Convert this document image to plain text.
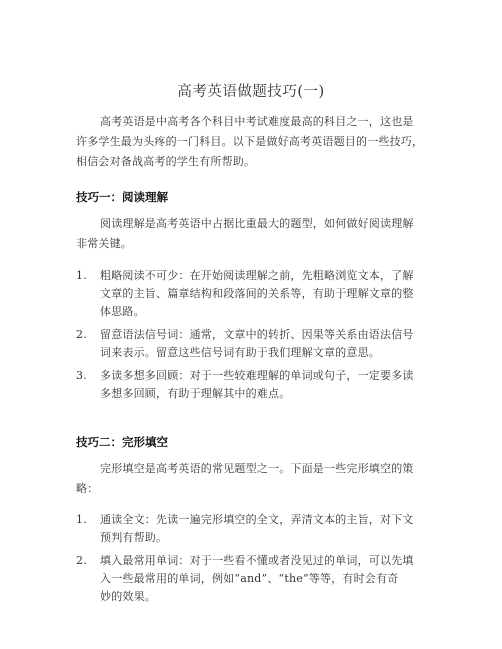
高考英语做题技巧(一)
高考英语是中高考各个科目中考试难度最高的科目之一，这也是
许多学生最为头疼的一门科目。以下是做好高考英语题目的一些技巧，
相信会对备战高考的学生有所帮助。
技巧一：阅读理解
阅读理解是高考英语中占据比重最大的题型，如何做好阅读理解
非常关键。
1. 粗略阅读不可少：在开始阅读理解之前，先粗略浏览文本，了解
文章的主旨、篇章结构和段落间的关系等，有助于理解文章的整
体思路。
2. 留意语法信号词：通常，文章中的转折、因果等关系由语法信号
词来表示。留意这些信号词有助于我们理解文章的意思。
3. 多读多想多回顾：对于一些较难理解的单词或句子，一定要多读
多想多回顾，有助于理解其中的难点。
技巧二：完形填空
完形填空是高考英语的常见题型之一。下面是一些完形填空的策
略：
1. 通读全文：先读一遍完形填空的全文，弄清文本的主旨，对下文
预判有帮助。
2. 填入最常用单词：对于一些看不懂或者没见过的单词，可以先填
入一些最常用的单词，例如“and”、“the”等等，有时会有奇
妙的效果。
